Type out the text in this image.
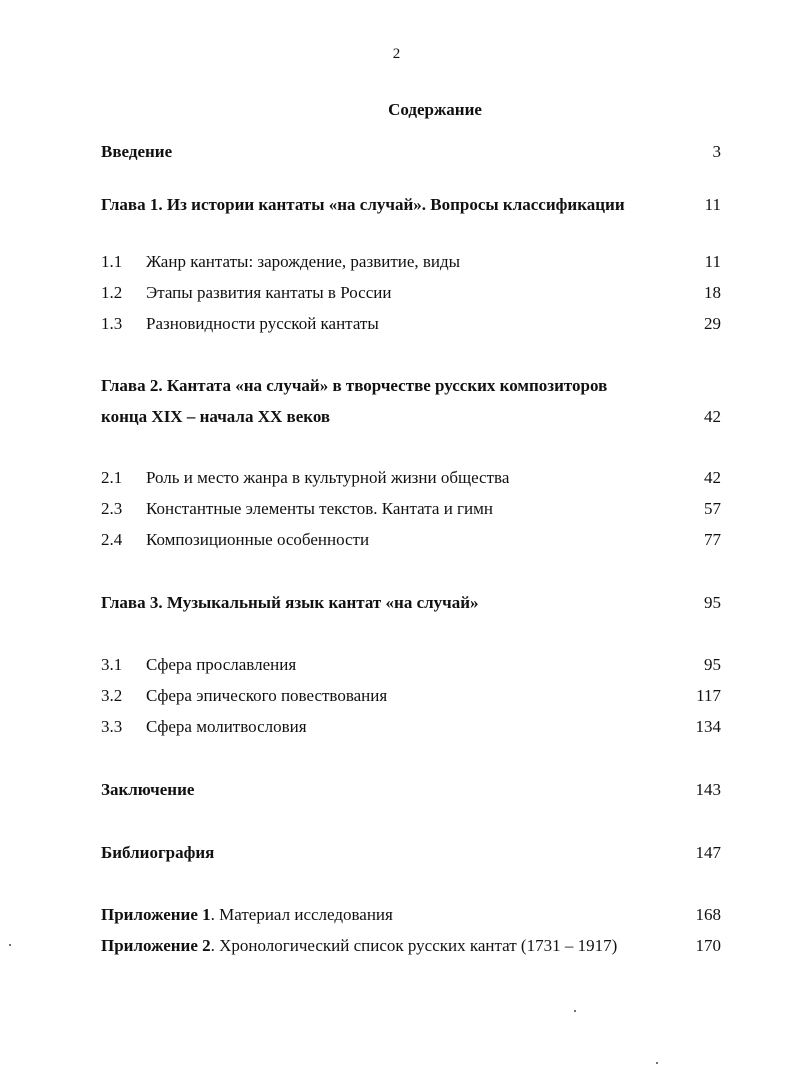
2
Содержание
Введение	3
Глава 1. Из истории кантаты «на случай». Вопросы классификации	11
1.1 Жанр кантаты: зарождение, развитие, виды	11
1.2 Этапы развития кантаты в России	18
1.3 Разновидности русской кантаты	29
Глава 2. Кантата «на случай» в творчестве русских композиторов
конца XIX – начала XX веков	42
2.1 Роль и место жанра в культурной жизни общества	42
2.3 Константные элементы текстов. Кантата и гимн	57
2.4 Композиционные особенности	77
Глава 3. Музыкальный язык кантат «на случай»	95
3.1 Сфера прославления	95
3.2 Сфера эпического повествования	117
3.3 Сфера молитвословия	134
Заключение	143
Библиография	147
Приложение 1. Материал исследования	168
Приложение 2. Хронологический список русских кантат (1731 – 1917)	170
